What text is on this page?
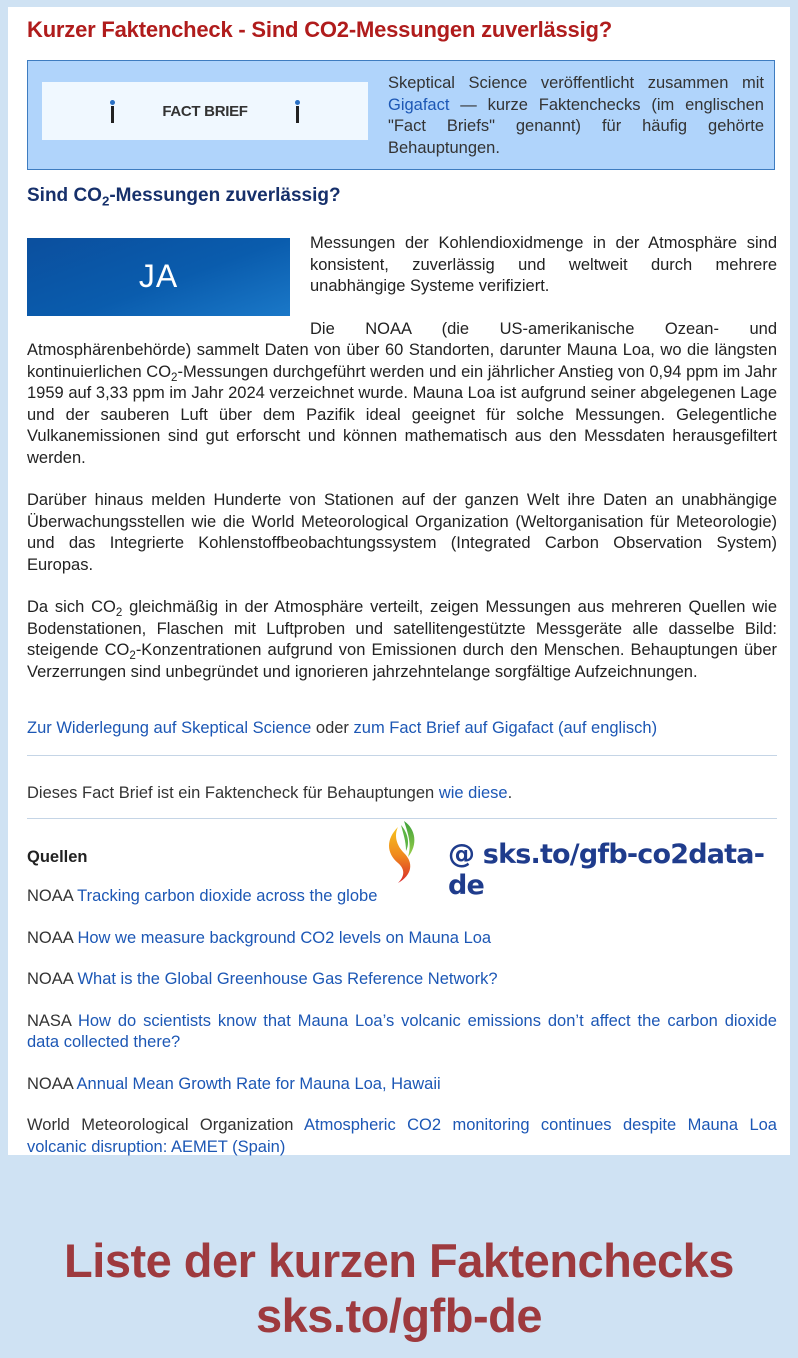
Kurzer Faktencheck - Sind CO2-Messungen zuverlässig?
FACT BRIEF
Skeptical Science veröffentlicht zusammen mit Gigafact — kurze Faktenchecks (im englischen "Fact Briefs" genannt) für häufig gehörte Behauptungen.
Sind $CO_2$-Messungen zuverlässig?
JA

Messungen der Kohlendioxidmenge in der Atmosphäre sind konsistent, zuverlässig und weltweit durch mehrere unabhängige Systeme verifiziert.

Die NOAA (die US-amerikanische Ozean- und Atmosphärenbehörde) sammelt Daten von über 60 Standorten, darunter Mauna Loa, wo die längsten kontinuierlichen $CO_2$-Messungen durchgeführt werden und ein jährlicher Anstieg von 0,94 ppm im Jahr 1959 auf 3,33 ppm im Jahr 2024 verzeichnet wurde. Mauna Loa ist aufgrund seiner abgelegenen Lage und der sauberen Luft über dem Pazifik ideal geeignet für solche Messungen. Gelegentliche Vulkanemissionen sind gut erforscht und können mathematisch aus den Messdaten herausgefiltert werden.

Darüber hinaus melden Hunderte von Stationen auf der ganzen Welt ihre Daten an unabhängige Überwachungsstellen wie die World Meteorological Organization (Weltorganisation für Meteorologie) und das Integrierte Kohlenstoffbeobachtungssystem (Integrated Carbon Observation System) Europas.

Da sich $CO_2$ gleichmäßig in der Atmosphäre verteilt, zeigen Messungen aus mehreren Quellen wie Bodenstationen, Flaschen mit Luftproben und satellitengestützte Messgeräte alle dasselbe Bild: steigende $CO_2$-Konzentrationen aufgrund von Emissionen durch den Menschen. Behauptungen über Verzerrungen sind unbegründet und ignorieren jahrzehntelange sorgfältige Aufzeichnungen.

Zur Widerlegung auf Skeptical Science oder zum Fact Brief auf Gigafact (auf englisch)
Dieses Fact Brief ist ein Faktencheck für Behauptungen wie diese.
Quellen	@ sks.to/gfb-co2data-de
NOAA Tracking carbon dioxide across the globe
NOAA How we measure background CO2 levels on Mauna Loa
NOAA What is the Global Greenhouse Gas Reference Network?
NASA How do scientists know that Mauna Loa’s volcanic emissions don’t affect the carbon dioxide data collected there?
NOAA Annual Mean Growth Rate for Mauna Loa, Hawaii
World Meteorological Organization Atmospheric CO2 monitoring continues despite Mauna Loa volcanic disruption: AEMET (Spain)
Liste der kurzen Faktenchecks
sks.to/gfb-de
